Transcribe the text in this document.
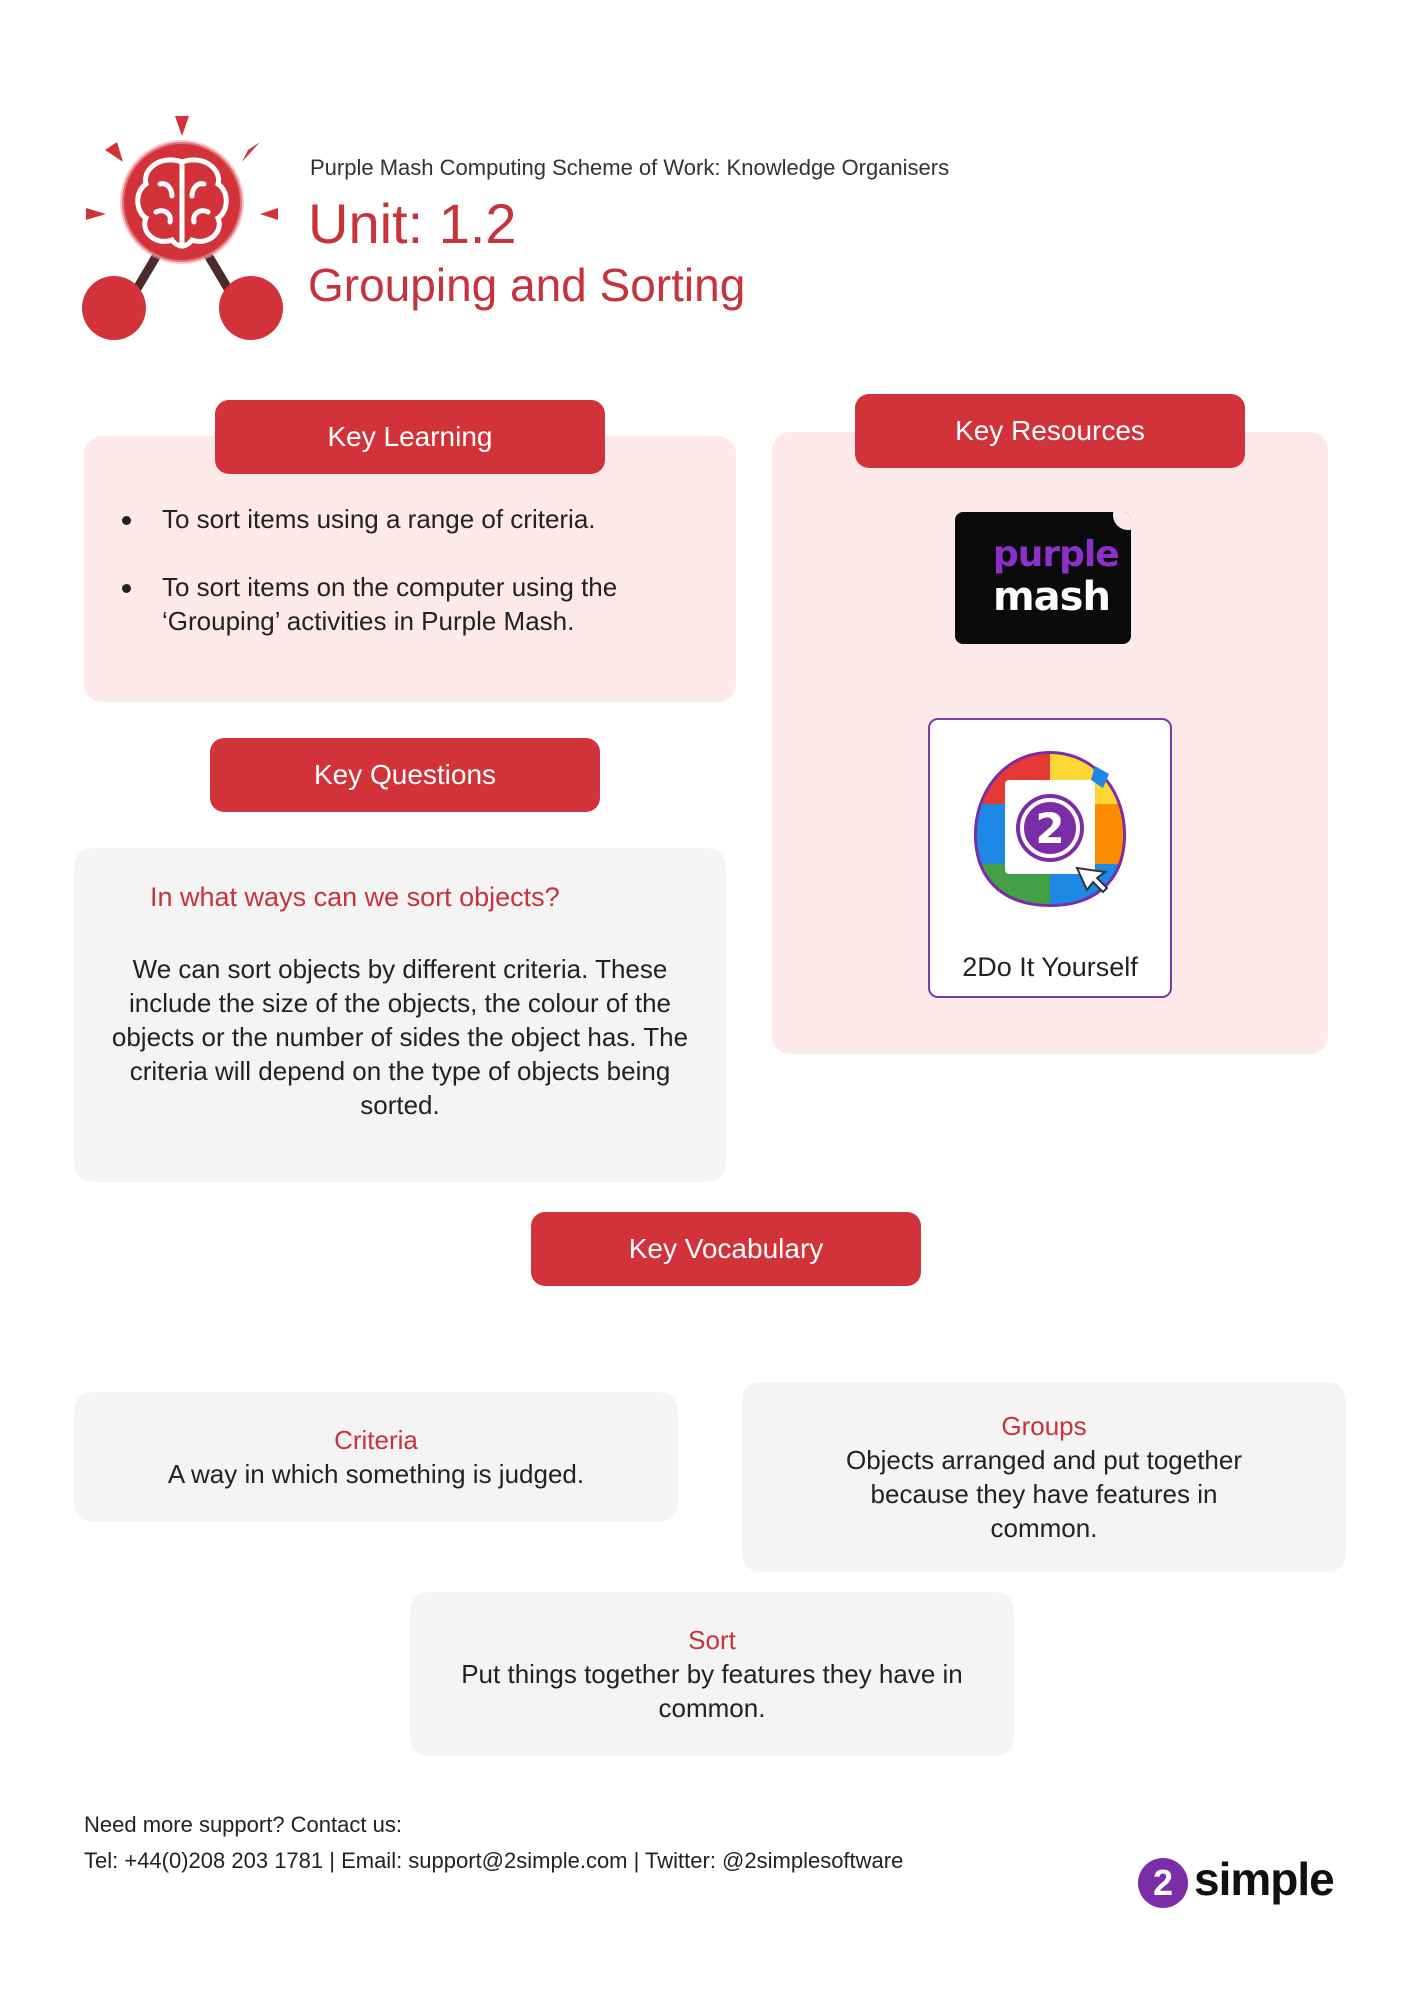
Purple Mash Computing Scheme of Work: Knowledge Organisers
Unit: 1.2
Grouping and Sorting
Key Learning
To sort items using a range of criteria.
To sort items on the computer using the ‘Grouping’ activities in Purple Mash.
Key Questions
In what ways can we sort objects?
We can sort objects by different criteria. These include the size of the objects, the colour of the objects or the number of sides the object has. The criteria will depend on the type of objects being sorted.
Key Resources
purple
mash
2
2Do It Yourself
Key Vocabulary
Criteria
A way in which something is judged.
Groups
Objects arranged and put together because they have features in common.
Sort
Put things together by features they have in common.
Need more support? Contact us:
Tel: +44(0)208 203 1781 | Email: support@2simple.com | Twitter: @2simplesoftware
2 simple
